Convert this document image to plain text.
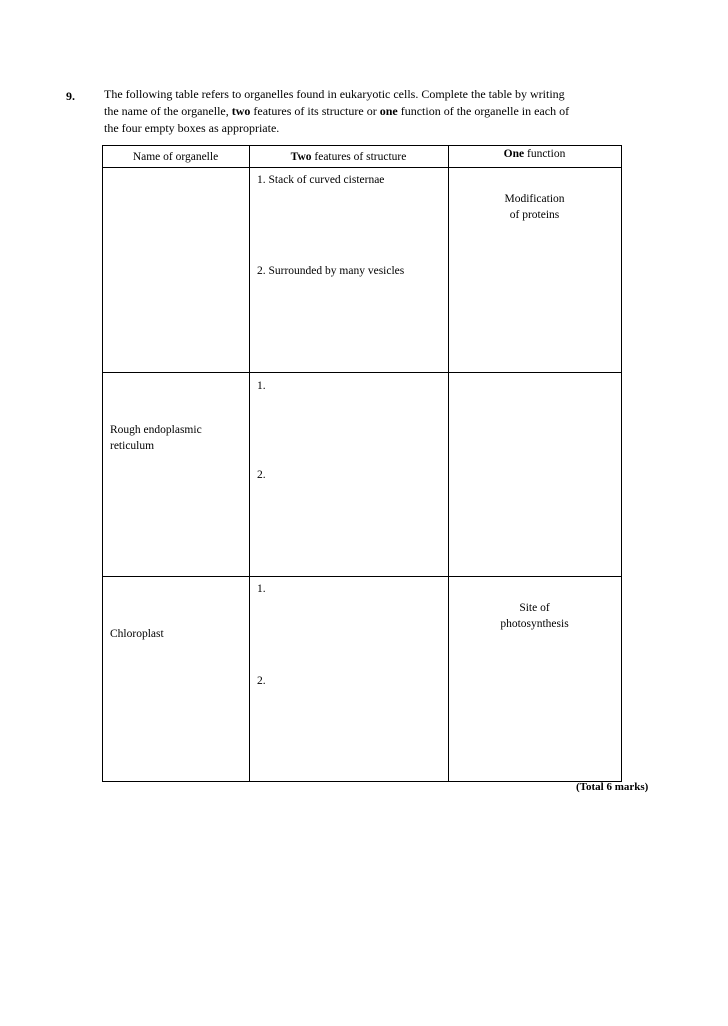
9. The following table refers to organelles found in eukaryotic cells. Complete the table by writing
the name of the organelle, two features of its structure or one function of the organelle in each of
the four empty boxes as appropriate.
Name of organelle	Two features of structure	One function
1. Stack of curved cisternae
2. Surrounded by many vesicles
Modification
of proteins
Rough endoplasmic
reticulum
1.
2.
Chloroplast
1.
2.
Site of
photosynthesis
(Total 6 marks)
